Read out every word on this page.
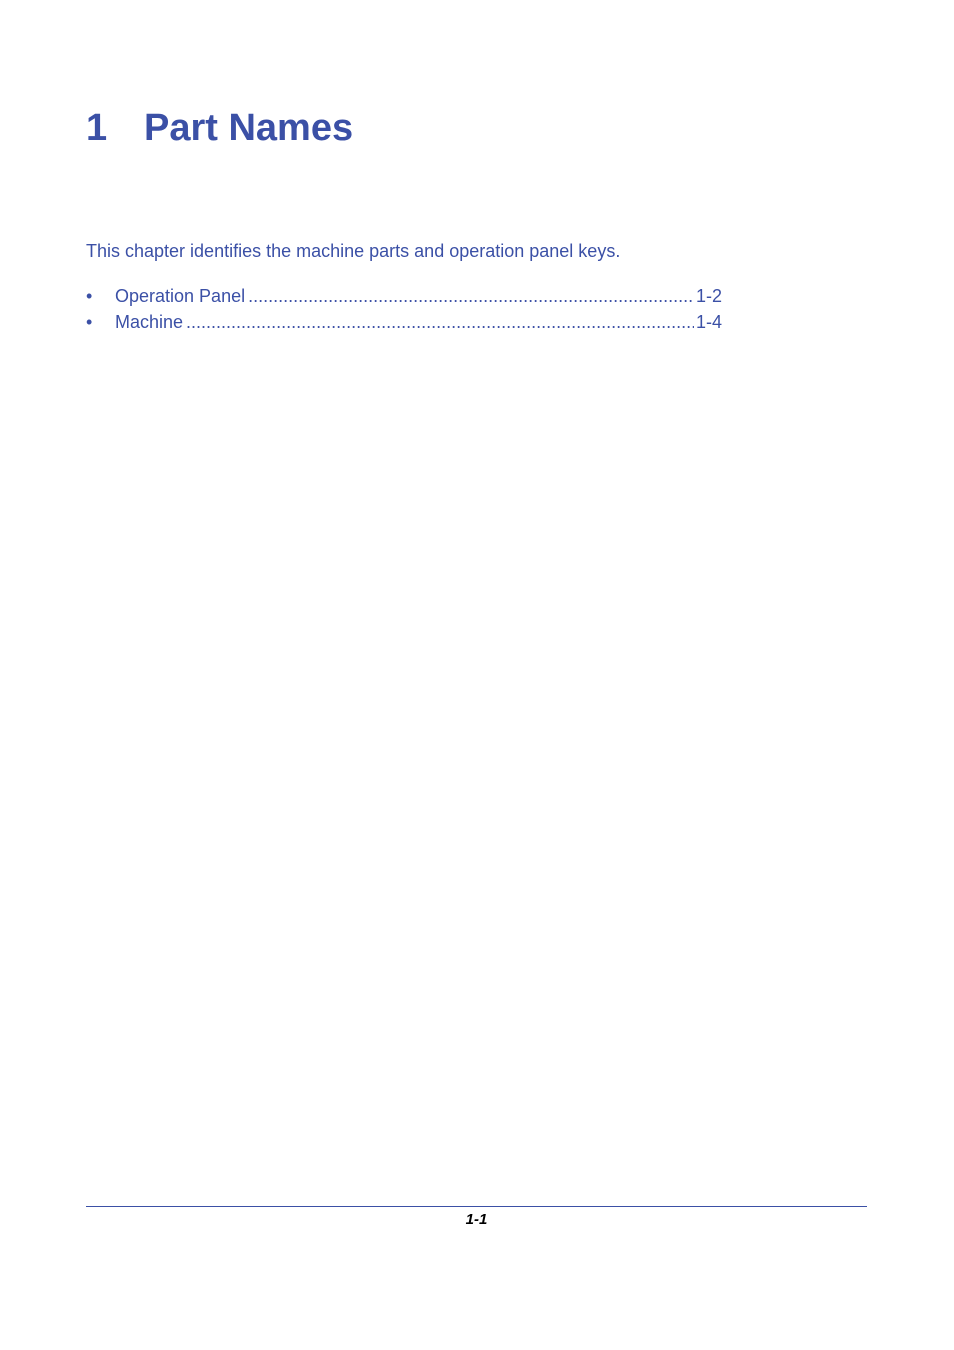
1 Part Names

This chapter identifies the machine parts and operation panel keys.

•	Operation Panel .....	1-2
•	Machine .....	1-4
1-1
